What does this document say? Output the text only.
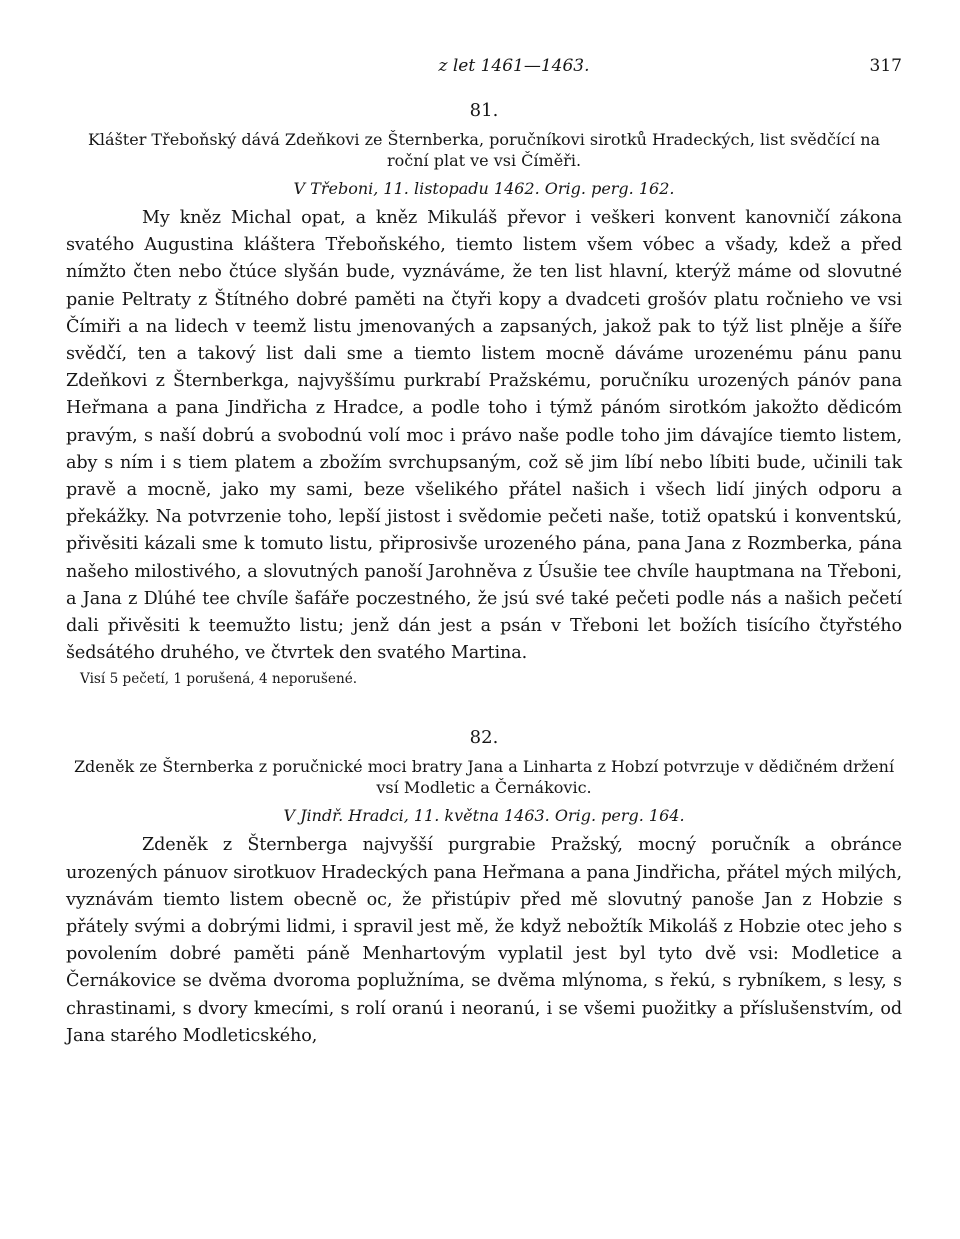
z let 1461—1463.	317
81.

Klášter Třeboňský dává Zdeňkovi ze Šternberka, poručníkovi sirotků Hradeckých, list svědčící na roční plat ve vsi Číměři.

V Třeboni, 11. listopadu 1462. Orig. perg. 162.

My kněz Michal opat, a kněz Mikuláš převor i veškeri konvent kanovničí zákona svatého Augustina kláštera Třeboňského, tiemto listem všem vóbec a všady, kdež a před nímžto čten nebo čtúce slyšán bude, vyznáváme, že ten list hlavní, kterýž máme od slovutné panie Peltraty z Štítného dobré paměti na čtyři kopy a dvadceti grošóv platu ročnieho ve vsi Čímiři a na lidech v teemž listu jmenovaných a zapsaných, jakož pak to týž list plněje a šíře svědčí, ten a takový list dali sme a tiemto listem mocně dáváme urozenému pánu panu Zdeňkovi z Šternberkga, najvyššímu purkrabí Pražskému, poručníku urozených pánóv pana Heřmana a pana Jindřicha z Hradce, a podle toho i týmž pánóm sirotkóm jakožto dědicóm pravým, s naší dobrú a svobodnú volí moc i právo naše podle toho jim dávajíce tiemto listem, aby s ním i s tiem platem a zbožím svrchupsaným, což sě jim líbí nebo líbiti bude, učinili tak pravě a mocně, jako my sami, beze všelikého přátel našich i všech lidí jiných odporu a překážky. Na potvrzenie toho, lepší jistost i svědomie pečeti naše, totiž opatskú i konventskú, přivěsiti kázali sme k tomuto listu, připrosivše urozeného pána, pana Jana z Rozmberka, pána našeho milostivého, a slovutných panoší Jarohněva z Úsušie tee chvíle hauptmana na Třeboni, a Jana z Dlúhé tee chvíle šafáře poczestného, že jsú své také pečeti podle nás a našich pečetí dali přivěsiti k teemužto listu; jenž dán jest a psán v Třeboni let božích tisícího čtyřstého šedsátého druhého, ve čtvrtek den svatého Martina.

Visí 5 pečetí, 1 porušená, 4 neporušené.
82.

Zdeněk ze Šternberka z poručnické moci bratry Jana a Linharta z Hobzí potvrzuje v dědičném držení vsí Modletic a Černákovic.

V Jindř. Hradci, 11. května 1463. Orig. perg. 164.

Zdeněk z Šternberga najvyšší purgrabie Pražský, mocný poručník a obránce urozených pánuov sirotkuov Hradeckých pana Heřmana a pana Jindřicha, přátel mých milých, vyznávám tiemto listem obecně oc, že přistúpiv před mě slovutný panoše Jan z Hobzie s přátely svými a dobrými lidmi, i spravil jest mě, že když nebožtík Mikoláš z Hobzie otec jeho s povolením dobré paměti páně Menhartovým vyplatil jest byl tyto dvě vsi: Modletice a Černákovice se dvěma dvoroma poplužníma, se dvěma mlýnoma, s řekú, s rybníkem, s lesy, s chrastinami, s dvory kmecími, s rolí oranú i neoranú, i se všemi puožitky a příslušenstvím, od Jana starého Modleticského,
